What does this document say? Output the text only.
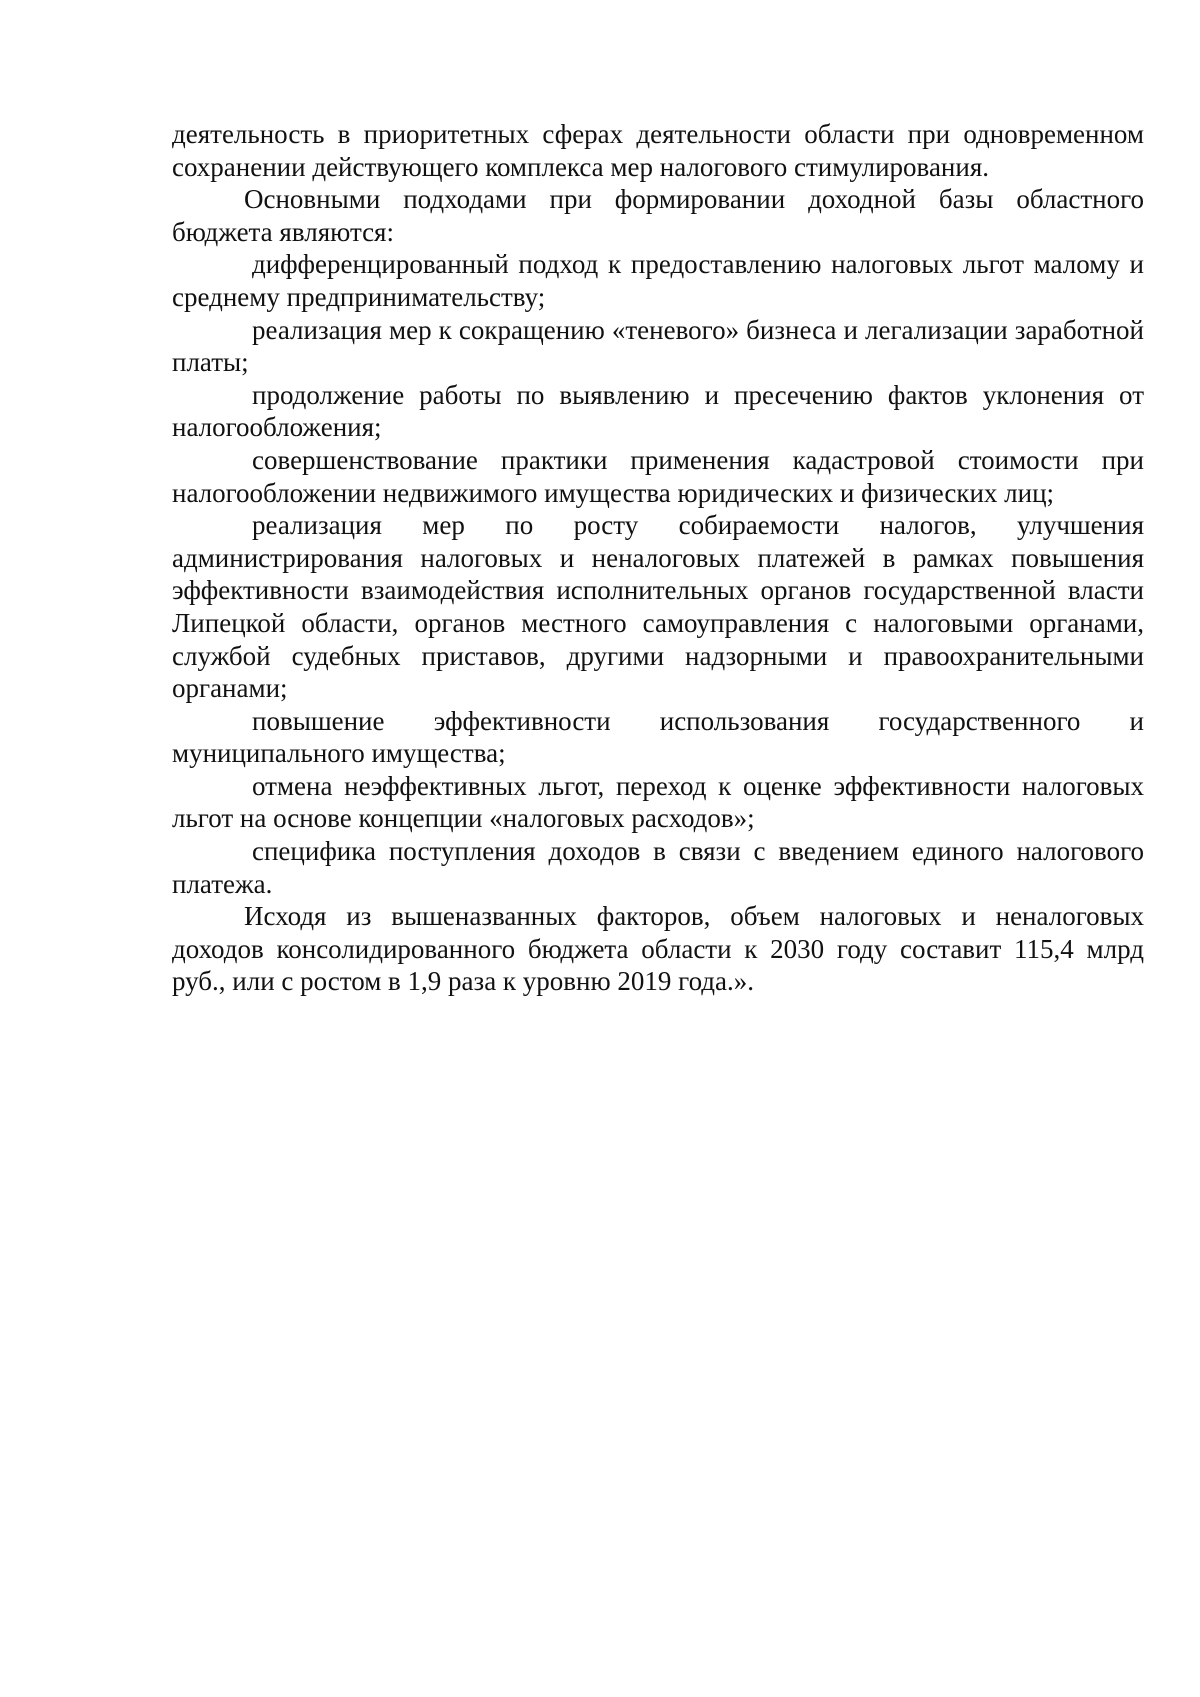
деятельность в приоритетных сферах деятельности области при одновременном сохранении действующего комплекса мер налогового стимулирования.

Основными подходами при формировании доходной базы областного бюджета являются:

дифференцированный подход к предоставлению налоговых льгот малому и среднему предпринимательству;

реализация мер к сокращению «теневого» бизнеса и легализации заработной платы;

продолжение работы по выявлению и пресечению фактов уклонения от налогообложения;

совершенствование практики применения кадастровой стоимости при налогообложении недвижимого имущества юридических и физических лиц;

реализация мер по росту собираемости налогов, улучшения администрирования налоговых и неналоговых платежей в рамках повышения эффективности взаимодействия исполнительных органов государственной власти Липецкой области, органов местного самоуправления с налоговыми органами, службой судебных приставов, другими надзорными и правоохранительными органами;

повышение эффективности использования государственного и муниципального имущества;

отмена неэффективных льгот, переход к оценке эффективности налоговых льгот на основе концепции «налоговых расходов»;

специфика поступления доходов в связи с введением единого налогового платежа.

Исходя из вышеназванных факторов, объем налоговых и неналоговых доходов консолидированного бюджета области к 2030 году составит 115,4 млрд руб., или с ростом в 1,9 раза к уровню 2019 года.».
